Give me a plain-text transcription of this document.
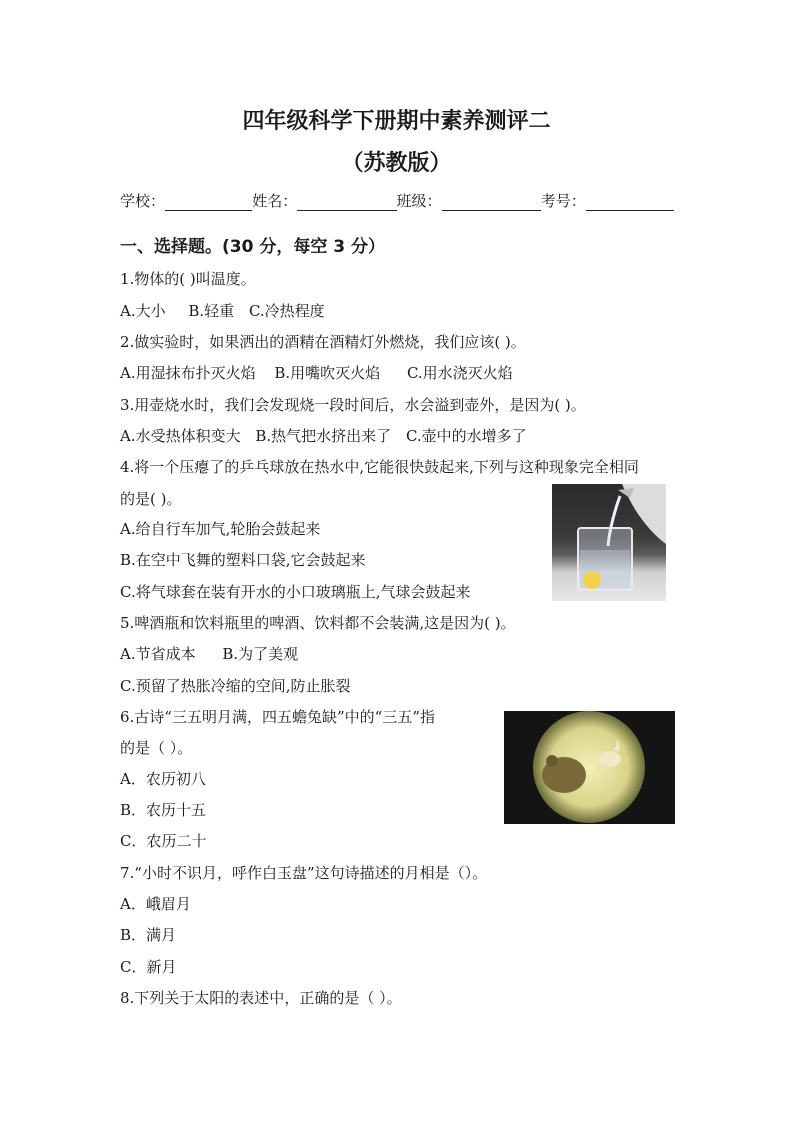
四年级科学下册期中素养测评二
（苏教版）
学校：	姓名：	班级：	考号：
一、选择题。(30 分，每空 3 分）
1.物体的( )叫温度。
A.大小 B.轻重 C.冷热程度
2.做实验时，如果洒出的酒精在酒精灯外燃烧，我们应该( )。
A.用湿抹布扑灭火焰 B.用嘴吹灭火焰 C.用水浇灭火焰
3.用壶烧水时，我们会发现烧一段时间后，水会溢到壶外，是因为( )。
A.水受热体积变大 B.热气把水挤出来了 C.壶中的水增多了
4.将一个压瘪了的乒乓球放在热水中,它能很快鼓起来,下列与这种现象完全相同
的是( )。
A.给自行车加气,轮胎会鼓起来
B.在空中飞舞的塑料口袋,它会鼓起来
C.将气球套在装有开水的小口玻璃瓶上,气球会鼓起来
5.啤酒瓶和饮料瓶里的啤酒、饮料都不会装满,这是因为( )。
A.节省成本 B.为了美观
C.预留了热胀冷缩的空间,防止胀裂
6.古诗“三五明月满，四五蟾兔缺”中的“三五”指
的是（ ）。
A．农历初八
B．农历十五
C．农历二十
7.“小时不识月，呼作白玉盘”这句诗描述的月相是（）。
A．峨眉月
B．满月
C．新月
8.下列关于太阳的表述中，正确的是（ ）。
